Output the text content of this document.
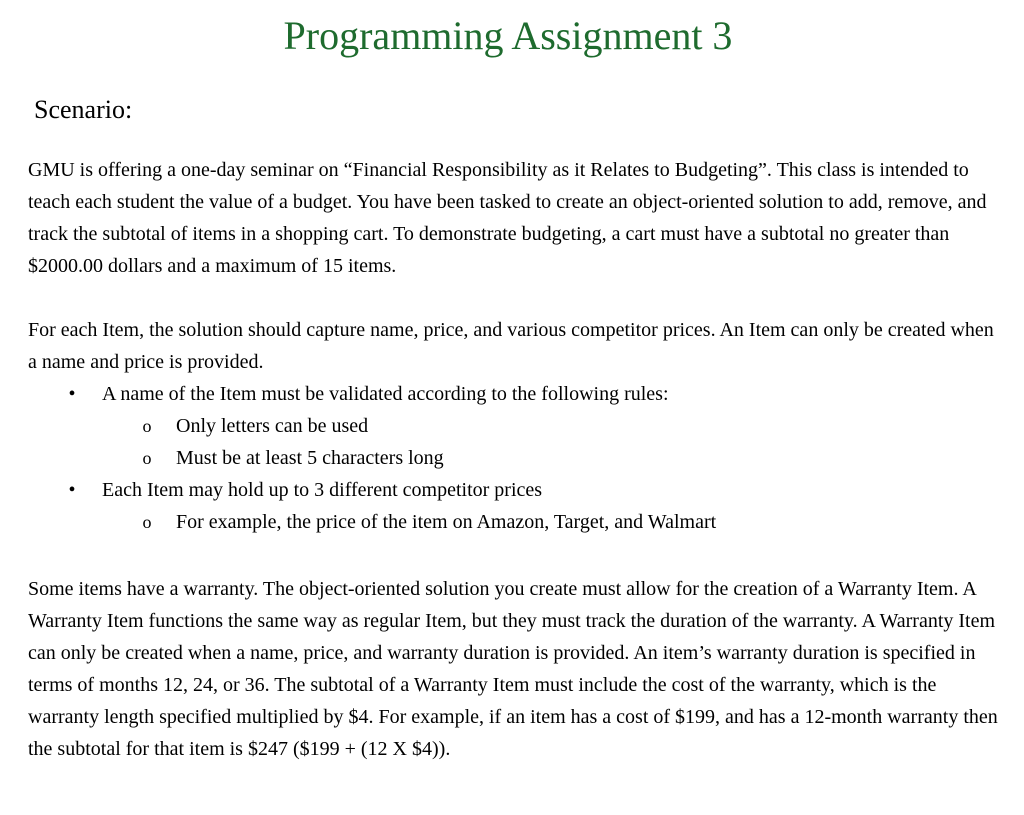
Programming Assignment 3
Scenario:

GMU is offering a one-day seminar on “Financial Responsibility as it Relates to Budgeting”. This class is intended to teach each student the value of a budget. You have been tasked to create an object-oriented solution to add, remove, and track the subtotal of items in a shopping cart. To demonstrate budgeting, a cart must have a subtotal no greater than $2000.00 dollars and a maximum of 15 items.

For each Item, the solution should capture name, price, and various competitor prices. An Item can only be created when a name and price is provided.

• A name of the Item must be validated according to the following rules:
o Only letters can be used
o Must be at least 5 characters long
• Each Item may hold up to 3 different competitor prices
o For example, the price of the item on Amazon, Target, and Walmart

Some items have a warranty. The object-oriented solution you create must allow for the creation of a Warranty Item. A Warranty Item functions the same way as regular Item, but they must track the duration of the warranty. A Warranty Item can only be created when a name, price, and warranty duration is provided. An item’s warranty duration is specified in terms of months 12, 24, or 36. The subtotal of a Warranty Item must include the cost of the warranty, which is the warranty length specified multiplied by $4. For example, if an item has a cost of $199, and has a 12-month warranty then the subtotal for that item is $247 ($199 + (12 X $4)).
